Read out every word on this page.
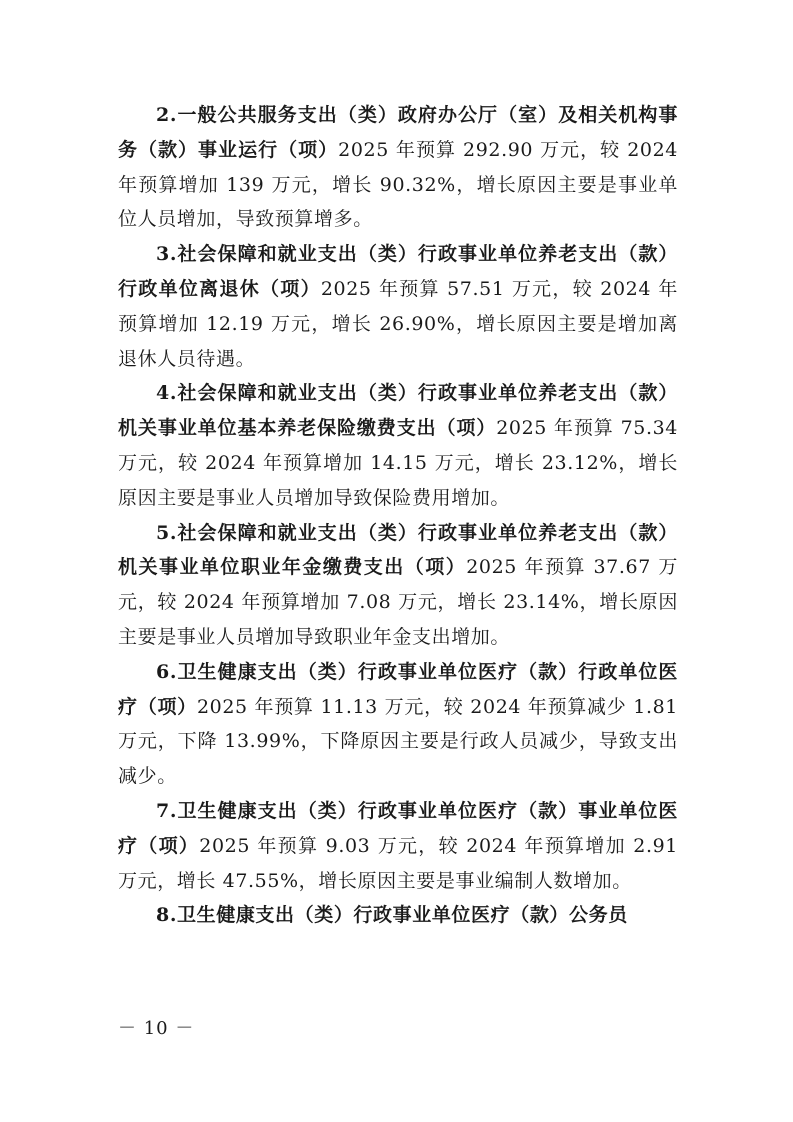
2.一般公共服务支出（类）政府办公厅（室）及相关机构事务（款）事业运行（项）2025 年预算 292.90 万元，较 2024 年预算增加 139 万元，增长 90.32%，增长原因主要是事业单位人员增加，导致预算增多。

3.社会保障和就业支出（类）行政事业单位养老支出（款）行政单位离退休（项）2025 年预算 57.51 万元，较 2024 年预算增加 12.19 万元，增长 26.90%，增长原因主要是增加离退休人员待遇。

4.社会保障和就业支出（类）行政事业单位养老支出（款）机关事业单位基本养老保险缴费支出（项）2025 年预算 75.34 万元，较 2024 年预算增加 14.15 万元，增长 23.12%，增长原因主要是事业人员增加导致保险费用增加。

5.社会保障和就业支出（类）行政事业单位养老支出（款）机关事业单位职业年金缴费支出（项）2025 年预算 37.67 万元，较 2024 年预算增加 7.08 万元，增长 23.14%，增长原因主要是事业人员增加导致职业年金支出增加。

6.卫生健康支出（类）行政事业单位医疗（款）行政单位医疗（项）2025 年预算 11.13 万元，较 2024 年预算减少 1.81 万元，下降 13.99%，下降原因主要是行政人员减少，导致支出减少。

7.卫生健康支出（类）行政事业单位医疗（款）事业单位医疗（项）2025 年预算 9.03 万元，较 2024 年预算增加 2.91 万元，增长 47.55%，增长原因主要是事业编制人数增加。

8.卫生健康支出（类）行政事业单位医疗（款）公务员

－ 10 －
